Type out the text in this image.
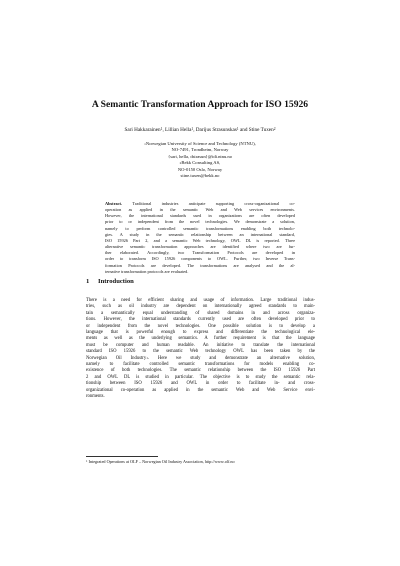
A Semantic Transformation Approach for ISO 15926
Sari Hakkarainen$^1$, Lillian Hella$^1$, Darijus Strasunskas$^1$ and Stine Tuxen$^2$
$^1$Norwegian University of Science and Technology (NTNU),
NO-7491, Trondheim, Norway
{sari, hella, dstrasun}@idi.ntnu.no
$^2$Bekk Consulting AS,
NO-0150 Oslo, Norway
stine.tuxen@bekk.no
Abstract. Traditional industries anticipate supporting cross-organizational co-
operation as applied in the semantic Web and Web services environments.
However, the international standards used in organizations are often developed
prior to or independent from the novel technologies. We demonstrate a solution,
namely to perform controlled semantic transformations enabling both technolo-
gies. A study in the semantic relationship between an international standard,
ISO 15926 Part 2, and a semantic Web technology, OWL DL is reported. Three
alternative semantic transformation approaches are identified where two are fur-
ther elaborated. Accordingly, two Transformation Protocols are developed in
order to transform ISO 15926 components to OWL. Further, two Inverse Trans-
formation Protocols are developed. The transformations are analysed and the al-
ternative transformation protocols are evaluated.
1 Introduction
There is a need for efficient sharing and usage of information. Large traditional indus-
tries, such as oil industry are dependent on internationally agreed standards to main-
tain a semantically equal understanding of shared domains in and across organiza-
tions. However, the international standards currently used are often developed prior to
or independent from the novel technologies. One possible solution is to develop a
language that is powerful enough to express and differentiate the technological ele-
ments as well as the underlying semantics. A further requirement is that the language
must be computer and human readable. An initiative to translate the international
standard ISO 15926 to the semantic Web technology OWL has been taken by the
Norwegian Oil Industry$^1$. Here we study and demonstrate an alternative solution,
namely to facilitate controlled semantic transformations for models enabling co-
existence of both technologies. The semantic relationship between the ISO 15926 Part
2 and OWL DL is studied in particular. The objective is to study the semantic rela-
tionship between ISO 15926 and OWL in order to facilitate in- and cross-
organizational co-operation as applied in the semantic Web and Web Service envi-
ronments.
$^1$ Integrated Operations at OLF – Norwegian Oil Industry Association, http://www.olf.no
